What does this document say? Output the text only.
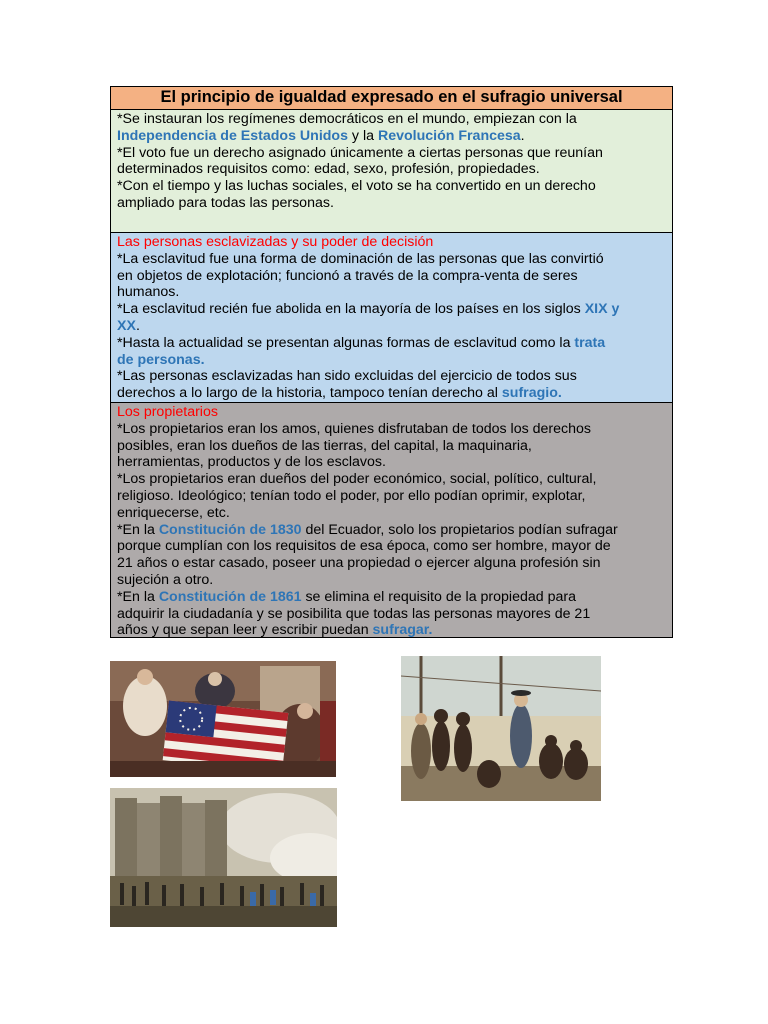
El principio de igualdad expresado en el sufragio universal

*Se instauran los regímenes democráticos en el mundo, empiezan con la

Independencia de Estados Unidos y la Revolución Francesa.

*El voto fue un derecho asignado únicamente a ciertas personas que reunían

determinados requisitos como: edad, sexo, profesión, propiedades.

*Con el tiempo y las luchas sociales, el voto se ha convertido en un derecho

ampliado para todas las personas.

Las personas esclavizadas y su poder de decisión

*La esclavitud fue una forma de dominación de las personas que las convirtió

en objetos de explotación; funcionó a través de la compra-venta de seres

humanos.

*La esclavitud recién fue abolida en la mayoría de los países en los siglos XIX y

XX.

*Hasta la actualidad se presentan algunas formas de esclavitud como la trata

de personas.

*Las personas esclavizadas han sido excluidas del ejercicio de todos sus

derechos a lo largo de la historia, tampoco tenían derecho al sufragio.

Los propietarios

*Los propietarios eran los amos, quienes disfrutaban de todos los derechos

posibles, eran los dueños de las tierras, del capital, la maquinaria,

herramientas, productos y de los esclavos.

*Los propietarios eran dueños del poder económico, social, político, cultural,

religioso. Ideológico; tenían todo el poder, por ello podían oprimir, explotar,

enriquecerse, etc.

*En la Constitución de 1830 del Ecuador, solo los propietarios podían sufragar

porque cumplían con los requisitos de esa época, como ser hombre, mayor de

21 años o estar casado, poseer una propiedad o ejercer alguna profesión sin

sujeción a otro.

*En la Constitución de 1861 se elimina el requisito de la propiedad para

adquirir la ciudadanía y se posibilita que todas las personas mayores de 21

años y que sepan leer y escribir puedan sufragar.
